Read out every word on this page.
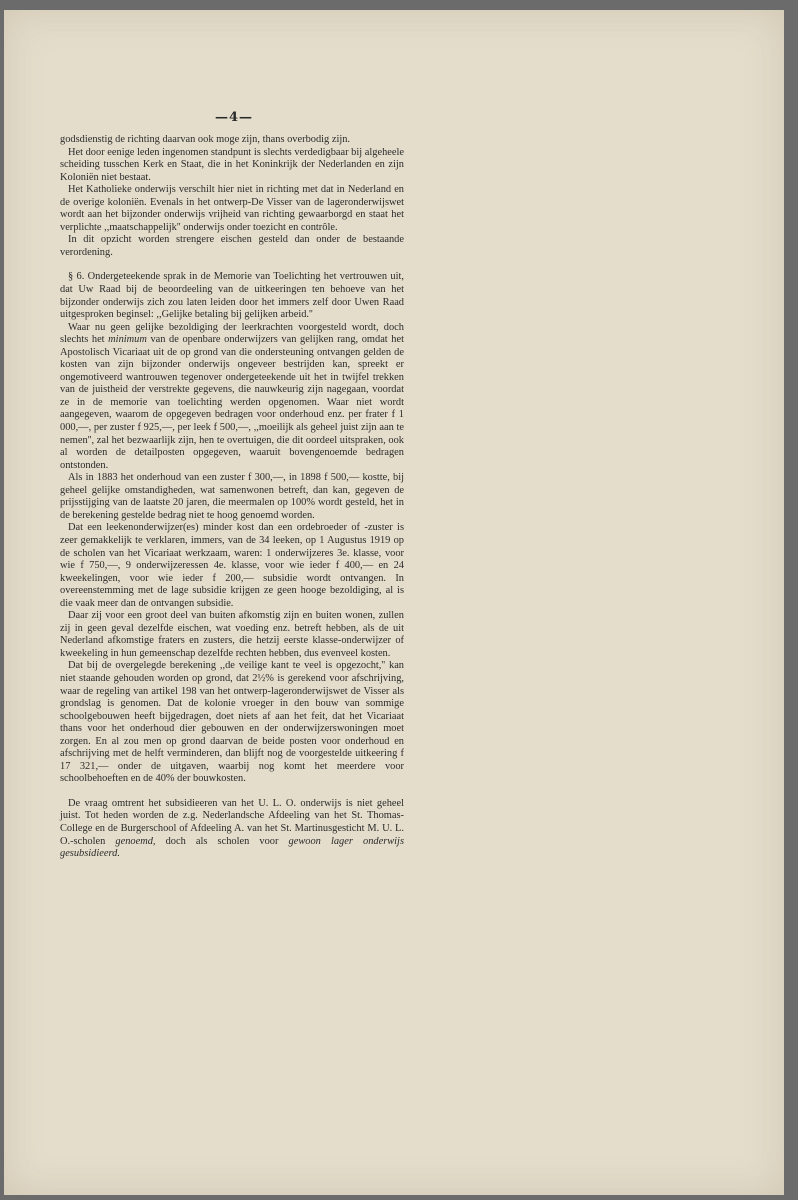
—4—

godsdienstig de richting daarvan ook moge zijn, thans overbodig zijn.

Het door eenige leden ingenomen standpunt is slechts verdedigbaar bij algeheele scheiding tusschen Kerk en Staat, die in het Koninkrijk der Nederlanden en zijn Koloniën niet bestaat.

Het Katholieke onderwijs verschilt hier niet in richting met dat in Nederland en de overige koloniën. Evenals in het ontwerp-De Visser van de lageronderwijswet wordt aan het bijzonder onderwijs vrijheid van richting gewaarborgd en staat het verplichte ,,maatschappelijk'' onderwijs onder toezicht en contrôle.

In dit opzicht worden strengere eischen gesteld dan onder de bestaande verordening.

§ 6. Ondergeteekende sprak in de Memorie van Toelichting het vertrouwen uit, dat Uw Raad bij de beoordeeling van de uitkeeringen ten behoeve van het bijzonder onderwijs zich zou laten leiden door het immers zelf door Uwen Raad uitgesproken beginsel: ,,Gelijke betaling bij gelijken arbeid.''

Waar nu geen gelijke bezoldiging der leerkrachten voorgesteld wordt, doch slechts het minimum van de openbare onderwijzers van gelijken rang, omdat het Apostolisch Vicariaat uit de op grond van die ondersteuning ontvangen gelden de kosten van zijn bijzonder onderwijs ongeveer bestrijden kan, spreekt er ongemotiveerd wantrouwen tegenover ondergeteekende uit het in twijfel trekken van de juistheid der verstrekte gegevens, die nauwkeurig zijn nagegaan, voordat ze in de memorie van toelichting werden opgenomen. Waar niet wordt aangegeven, waarom de opgegeven bedragen voor onderhoud enz. per frater f 1 000,—, per zuster f 925,—, per leek f 500,—, ,,moeilijk als geheel juist zijn aan te nemen'', zal het bezwaarlijk zijn, hen te overtuigen, die dit oordeel uitspraken, ook al worden de detailposten opgegeven, waaruit bovengenoemde bedragen ontstonden.

Als in 1883 het onderhoud van een zuster f 300,—, in 1898 f 500,— kostte, bij geheel gelijke omstandigheden, wat samenwonen betreft, dan kan, gegeven de prijsstijging van de laatste 20 jaren, die meermalen op 100% wordt gesteld, het in de berekening gestelde bedrag niet te hoog genoemd worden.

Dat een leekenonderwijzer(es) minder kost dan een ordebroeder of -zuster is zeer gemakkelijk te verklaren, immers, van de 34 leeken, op 1 Augustus 1919 op de scholen van het Vicariaat werkzaam, waren: 1 onderwijzeres 3e. klasse, voor wie f 750,—, 9 onderwijzeressen 4e. klasse, voor wie ieder f 400,— en 24 kweekelingen, voor wie ieder f 200,— subsidie wordt ontvangen. In overeenstemming met de lage subsidie krijgen ze geen hooge bezoldiging, al is die vaak meer dan de ontvangen subsidie.

Daar zij voor een groot deel van buiten afkomstig zijn en buiten wonen, zullen zij in geen geval dezelfde eischen, wat voeding enz. betreft hebben, als de uit Nederland afkomstige fraters en zusters, die hetzij eerste klasse-onderwijzer of kweekeling in hun gemeenschap dezelfde rechten hebben, dus evenveel kosten.

Dat bij de overgelegde berekening ,,de veilige kant te veel is opgezocht,'' kan niet staande gehouden worden op grond, dat 2½% is gerekend voor afschrijving, waar de regeling van artikel 198 van het ontwerp-lageronderwijswet de Visser als grondslag is genomen. Dat de kolonie vroeger in den bouw van sommige schoolgebouwen heeft bijgedragen, doet niets af aan het feit, dat het Vicariaat thans voor het onderhoud dier gebouwen en der onderwijzerswoningen moet zorgen. En al zou men op grond daarvan de beide posten voor onderhoud en afschrijving met de helft verminderen, dan blijft nog de voorgestelde uitkeering f 17 321,— onder de uitgaven, waarbij nog komt het meerdere voor schoolbehoeften en de 40% der bouwkosten.

De vraag omtrent het subsidieeren van het U. L. O. onderwijs is niet geheel juist. Tot heden worden de z.g. Nederlandsche Afdeeling van het St. Thomas-College en de Burgerschool of Afdeeling A. van het St. Martinusgesticht M. U. L. O.-scholen genoemd, doch als scholen voor gewoon lager onderwijs gesubsidieerd.
